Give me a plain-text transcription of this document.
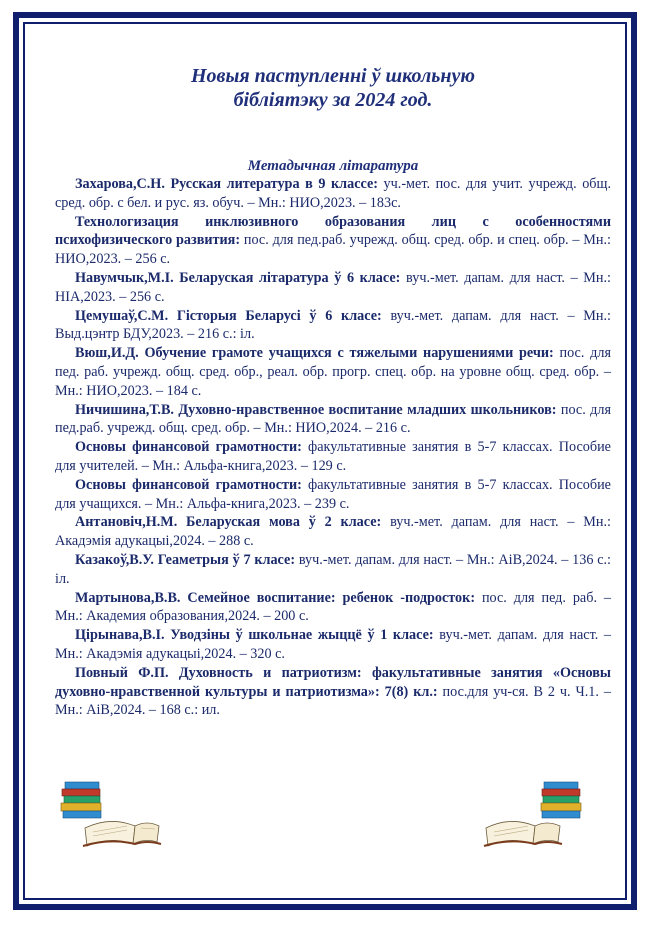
Новыя паступленні ў школьную
бібліятэку за 2024 год.

Метадычная літаратура

Захарова,С.Н. Русская литература в 9 классе: уч.-мет. пос. для учит. учрежд. общ. сред. обр. с бел. и рус. яз. обуч. – Мн.: НИО,2023. – 183с.

Технологизация инклюзивного образования лиц с особенностями психофизического развития: пос. для пед.раб. учрежд. общ. сред. обр. и спец. обр. – Мн.: НИО,2023. – 256 с.

Навумчык,М.І. Беларуская літаратура ў 6 класе: вуч.-мет. дапам. для наст. – Мн.: НІА,2023. – 256 с.

Цемушаў,С.М. Гісторыя Беларусі ў 6 класе: вуч.-мет. дапам. для наст. – Мн.: Выд.цэнтр БДУ,2023. – 216 с.: іл.

Вюш,И.Д. Обучение грамоте учащихся с тяжелыми нарушениями речи: пос. для пед. раб. учрежд. общ. сред. обр., реал. обр. прогр. спец. обр. на уровне общ. сред. обр. – Мн.: НИО,2023. – 184 с.

Ничишина,Т.В. Духовно-нравственное воспитание младших школьников: пос. для пед.раб. учрежд. общ. сред. обр. – Мн.: НИО,2024. – 216 с.

Основы финансовой грамотности: факультативные занятия в 5-7 классах. Пособие для учителей. – Мн.: Альфа-книга,2023. – 129 с.

Основы финансовой грамотности: факультативные занятия в 5-7 классах. Пособие для учащихся. – Мн.: Альфа-книга,2023. – 239 с.

Антановіч,Н.М. Беларуская мова ў 2 класе: вуч.-мет. дапам. для наст. – Мн.: Акадэмія адукацыі,2024. – 288 с.

Казакоў,В.У. Геаметрыя ў 7 класе: вуч.-мет. дапам. для наст. – Мн.: АіВ,2024. – 136 с.: іл.

Мартынова,В.В. Семейное воспитание: ребенок -подросток: пос. для пед. раб. – Мн.: Академия образования,2024. – 200 с.

Цірынава,В.І. Уводзіны ў школьнае жыццё ў 1 класе: вуч.-мет. дапам. для наст. – Мн.: Акадэмія адукацыі,2024. – 320 с.

Повный Ф.П. Духовность и патриотизм: факультативные занятия «Основы духовно-нравственной культуры и патриотизма»: 7(8) кл.: пос.для уч-ся. В 2 ч. Ч.1. – Мн.: АіВ,2024. – 168 с.: ил.
